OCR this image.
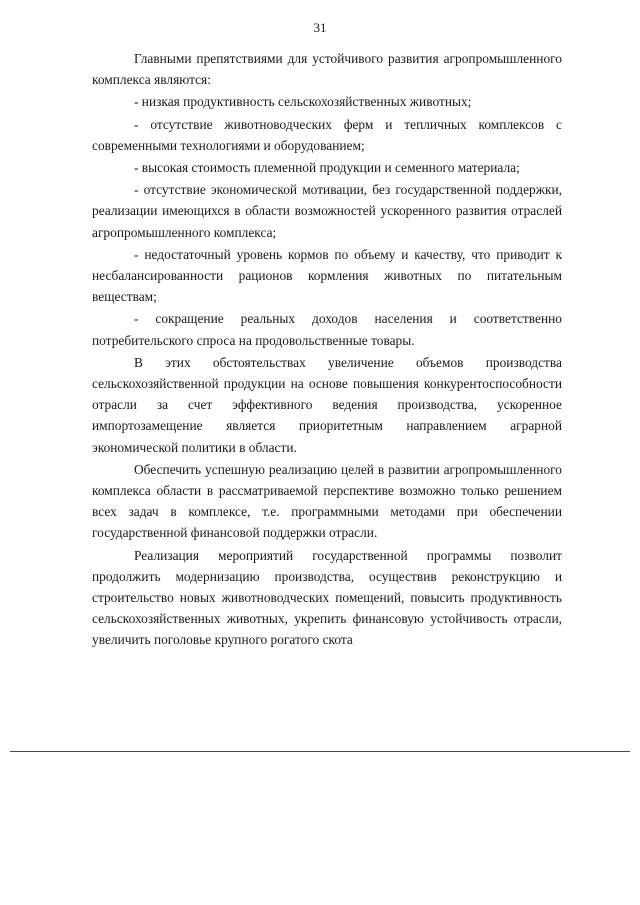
31

Главными препятствиями для устойчивого развития агропромышленного комплекса являются:

- низкая продуктивность сельскохозяйственных животных;

- отсутствие животноводческих ферм и тепличных комплексов с современными технологиями и оборудованием;

- высокая стоимость племенной продукции и семенного материала;

- отсутствие экономической мотивации, без государственной поддержки, реализации имеющихся в области возможностей ускоренного развития отраслей агропромышленного комплекса;

- недостаточный уровень кормов по объему и качеству, что приводит к несбалансированности рационов кормления животных по питательным веществам;

- сокращение реальных доходов населения и соответственно потребительского спроса на продовольственные товары.

В этих обстоятельствах увеличение объемов производства сельскохозяйственной продукции на основе повышения конкурентоспособности отрасли за счет эффективного ведения производства, ускоренное импортозамещение является приоритетным направлением аграрной экономической политики в области.

Обеспечить успешную реализацию целей в развитии агропромышленного комплекса области в рассматриваемой перспективе возможно только решением всех задач в комплексе, т.е. программными методами при обеспечении государственной финансовой поддержки отрасли.

Реализация мероприятий государственной программы позволит продолжить модернизацию производства, осуществив реконструкцию и строительство новых животноводческих помещений, повысить продуктивность сельскохозяйственных животных, укрепить финансовую устойчивость отрасли, увеличить поголовье крупного рогатого скота
